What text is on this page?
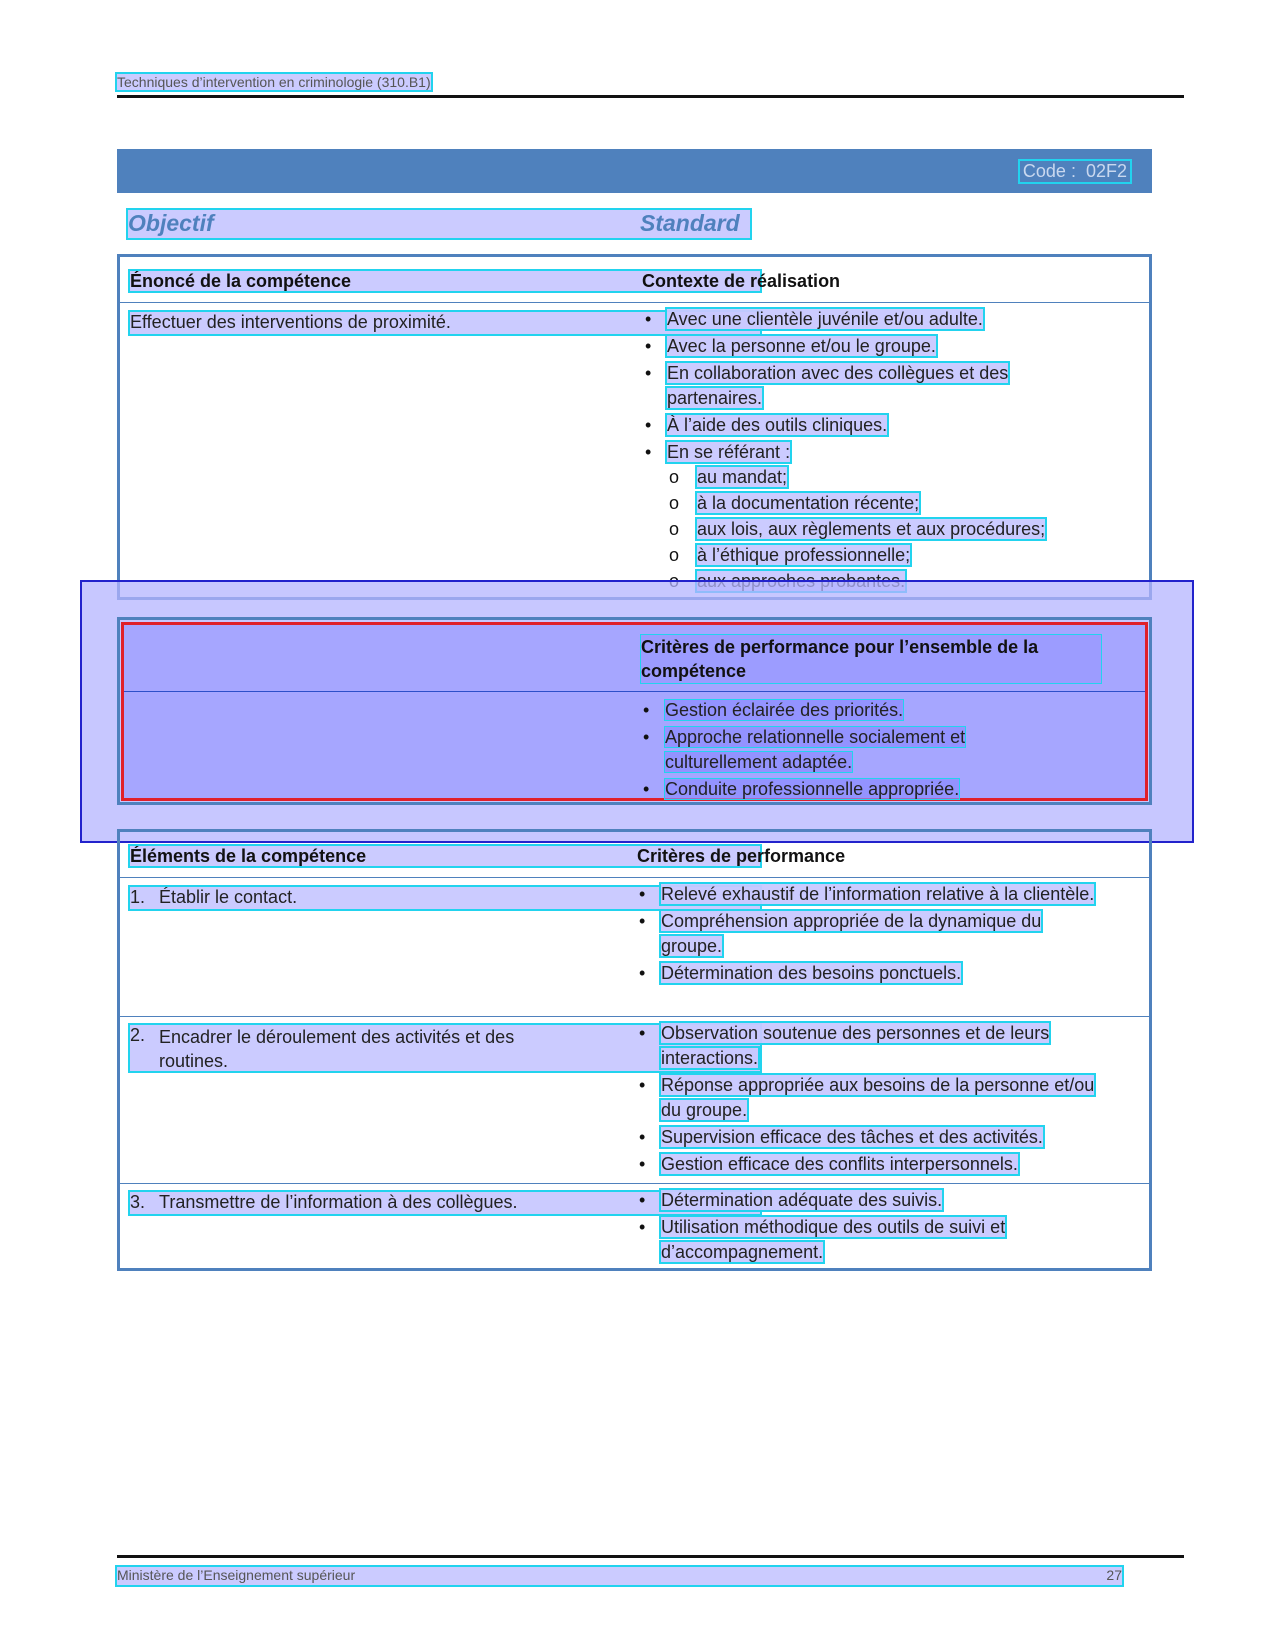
Techniques d’intervention en criminologie (310.B1)
Code : 02F2
Objectif	Standard
Énoncé de la compétence	Contexte de réalisation
Effectuer des interventions de proximité.	• Avec une clientèle juvénile et/ou adulte.
• Avec la personne et/ou le groupe.
• En collaboration avec des collègues et des partenaires.
• À l’aide des outils cliniques.
• En se référant :
o au mandat;
o à la documentation récente;
o aux lois, aux règlements et aux procédures;
o à l’éthique professionnelle;
o
Critères de performance pour l’ensemble de la compétence
• Gestion éclairée des priorités.
• Approche relationnelle socialement et culturellement adaptée.
• Conduite professionnelle appropriée.
Éléments de la compétence	Critères de performance
1. Établir le contact.	• Relevé exhaustif de l’information relative à la clientèle.
• Compréhension appropriée de la dynamique du groupe.
• Détermination des besoins ponctuels.
2. Encadrer le déroulement des activités et des routines.
• Observation soutenue des personnes et de leurs interactions.
• Réponse appropriée aux besoins de la personne et/ou du groupe.
• Supervision efficace des tâches et des activités.
• Gestion efficace des conflits interpersonnels.
3. Transmettre de l’information à des collègues.	• Détermination adéquate des suivis.
• Utilisation méthodique des outils de suivi et d’accompagnement.
Ministère de l’Enseignement supérieur	27
